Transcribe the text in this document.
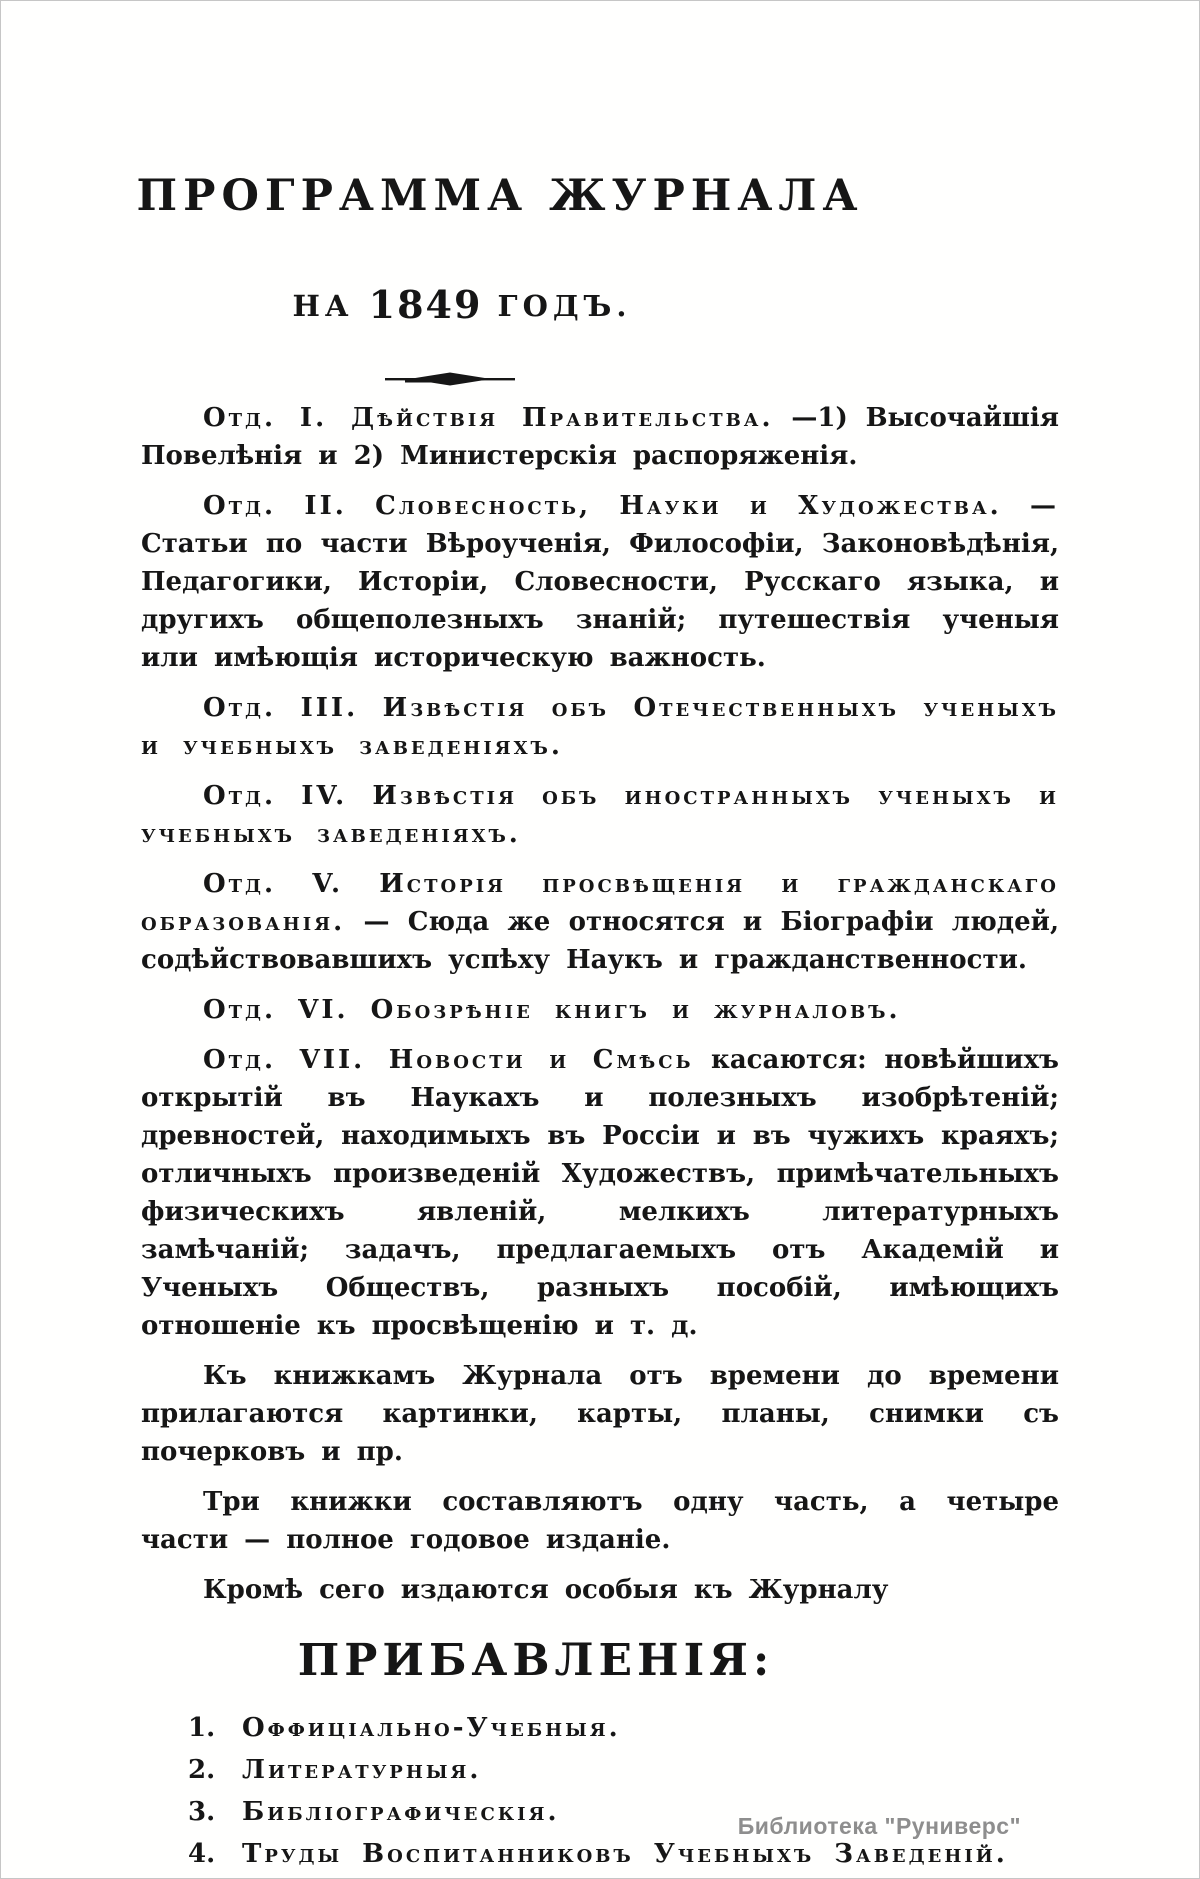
ПРОГРАММА ЖУРНАЛА
НА 1849 ГОДЪ.

Отд. I. Дѣйствія Правительства. —1) Высочайшія Повелѣнія и 2) Министерскія распоряженія.

Отд. II. Словесность, Науки и Художества. — Статьи по части Вѣроученія, Философіи, Законовѣдѣнія, Педагогики, Исторіи, Словесности, Русскаго языка, и другихъ общеполезныхъ знаній; путешествія ученыя или имѣющія историческую важность.

Отд. III. Извѣстія объ Отечественныхъ ученыхъ и учебныхъ заведеніяхъ.

Отд. IV. Извѣстія объ иностранныхъ ученыхъ и учебныхъ заведеніяхъ.

Отд. V. Исторія просвѣщенія и гражданскаго образованія. — Сюда же относятся и Біографіи людей, содѣйствовавшихъ успѣху Наукъ и гражданственности.

Отд. VI. Обозрѣніе книгъ и журналовъ.

Отд. VII. Новости и Смѣсь касаются: новѣйшихъ открытій въ Наукахъ и полезныхъ изобрѣтеній; древностей, находимыхъ въ Россіи и въ чужихъ краяхъ; отличныхъ произведеній Художествъ, примѣчательныхъ физическихъ явленій, мелкихъ литературныхъ замѣчаній; задачъ, предлагаемыхъ отъ Академій и Ученыхъ Обществъ, разныхъ пособій, имѣющихъ отношеніе къ просвѣщенію и т. д.

Къ книжкамъ Журнала отъ времени до времени прилагаются картинки, карты, планы, снимки съ почерковъ и пр.

Три книжки составляютъ одну часть, а четыре части — полное годовое изданіе.

Кромѣ сего издаются особыя къ Журналу

ПРИБАВЛЕНІЯ:
1.	Оффиціально-Учебныя.
2.	Литературныя.
3.	Библіографическія.
4.	Труды Воспитанниковъ Учебныхъ Заведеній.
Библиотека "Руниверс"
